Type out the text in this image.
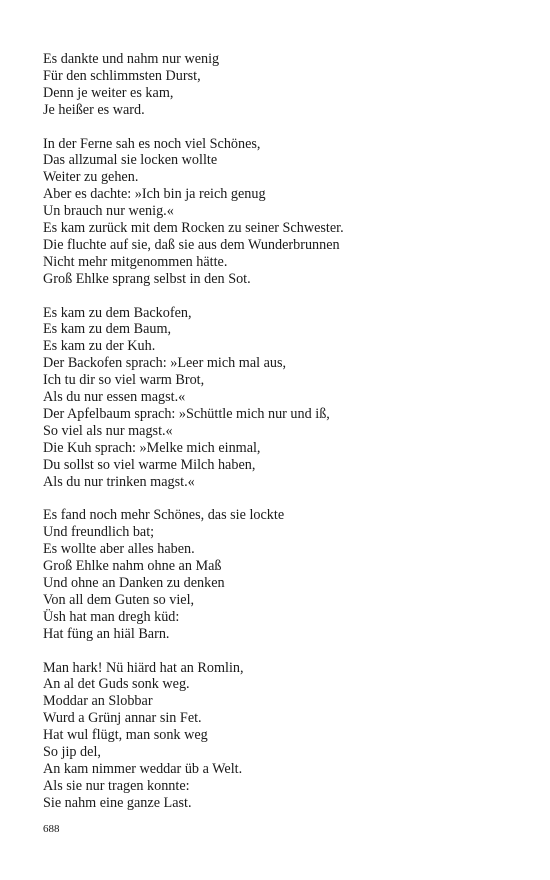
Es dankte und nahm nur wenig
Für den schlimmsten Durst,
Denn je weiter es kam,
Je heißer es ward.
In der Ferne sah es noch viel Schönes,
Das allzumal sie locken wollte
Weiter zu gehen.
Aber es dachte: »Ich bin ja reich genug
Un brauch nur wenig.«
Es kam zurück mit dem Rocken zu seiner Schwester.
Die fluchte auf sie, daß sie aus dem Wunderbrunnen
Nicht mehr mitgenommen hätte.
Groß Ehlke sprang selbst in den Sot.
Es kam zu dem Backofen,
Es kam zu dem Baum,
Es kam zu der Kuh.
Der Backofen sprach: »Leer mich mal aus,
Ich tu dir so viel warm Brot,
Als du nur essen magst.«
Der Apfelbaum sprach: »Schüttle mich nur und iß,
So viel als nur magst.«
Die Kuh sprach: »Melke mich einmal,
Du sollst so viel warme Milch haben,
Als du nur trinken magst.«
Es fand noch mehr Schönes, das sie lockte
Und freundlich bat;
Es wollte aber alles haben.
Groß Ehlke nahm ohne an Maß
Und ohne an Danken zu denken
Von all dem Guten so viel,
Üsh hat man dregh küd:
Hat füng an hiäl Barn.
Man hark! Nü hiärd hat an Romlin,
An al det Guds sonk weg.
Moddar an Slobbar
Wurd a Grünj annar sin Fet.
Hat wul flügt, man sonk weg
So jip del,
An kam nimmer weddar üb a Welt.
Als sie nur tragen konnte:
Sie nahm eine ganze Last.
688
